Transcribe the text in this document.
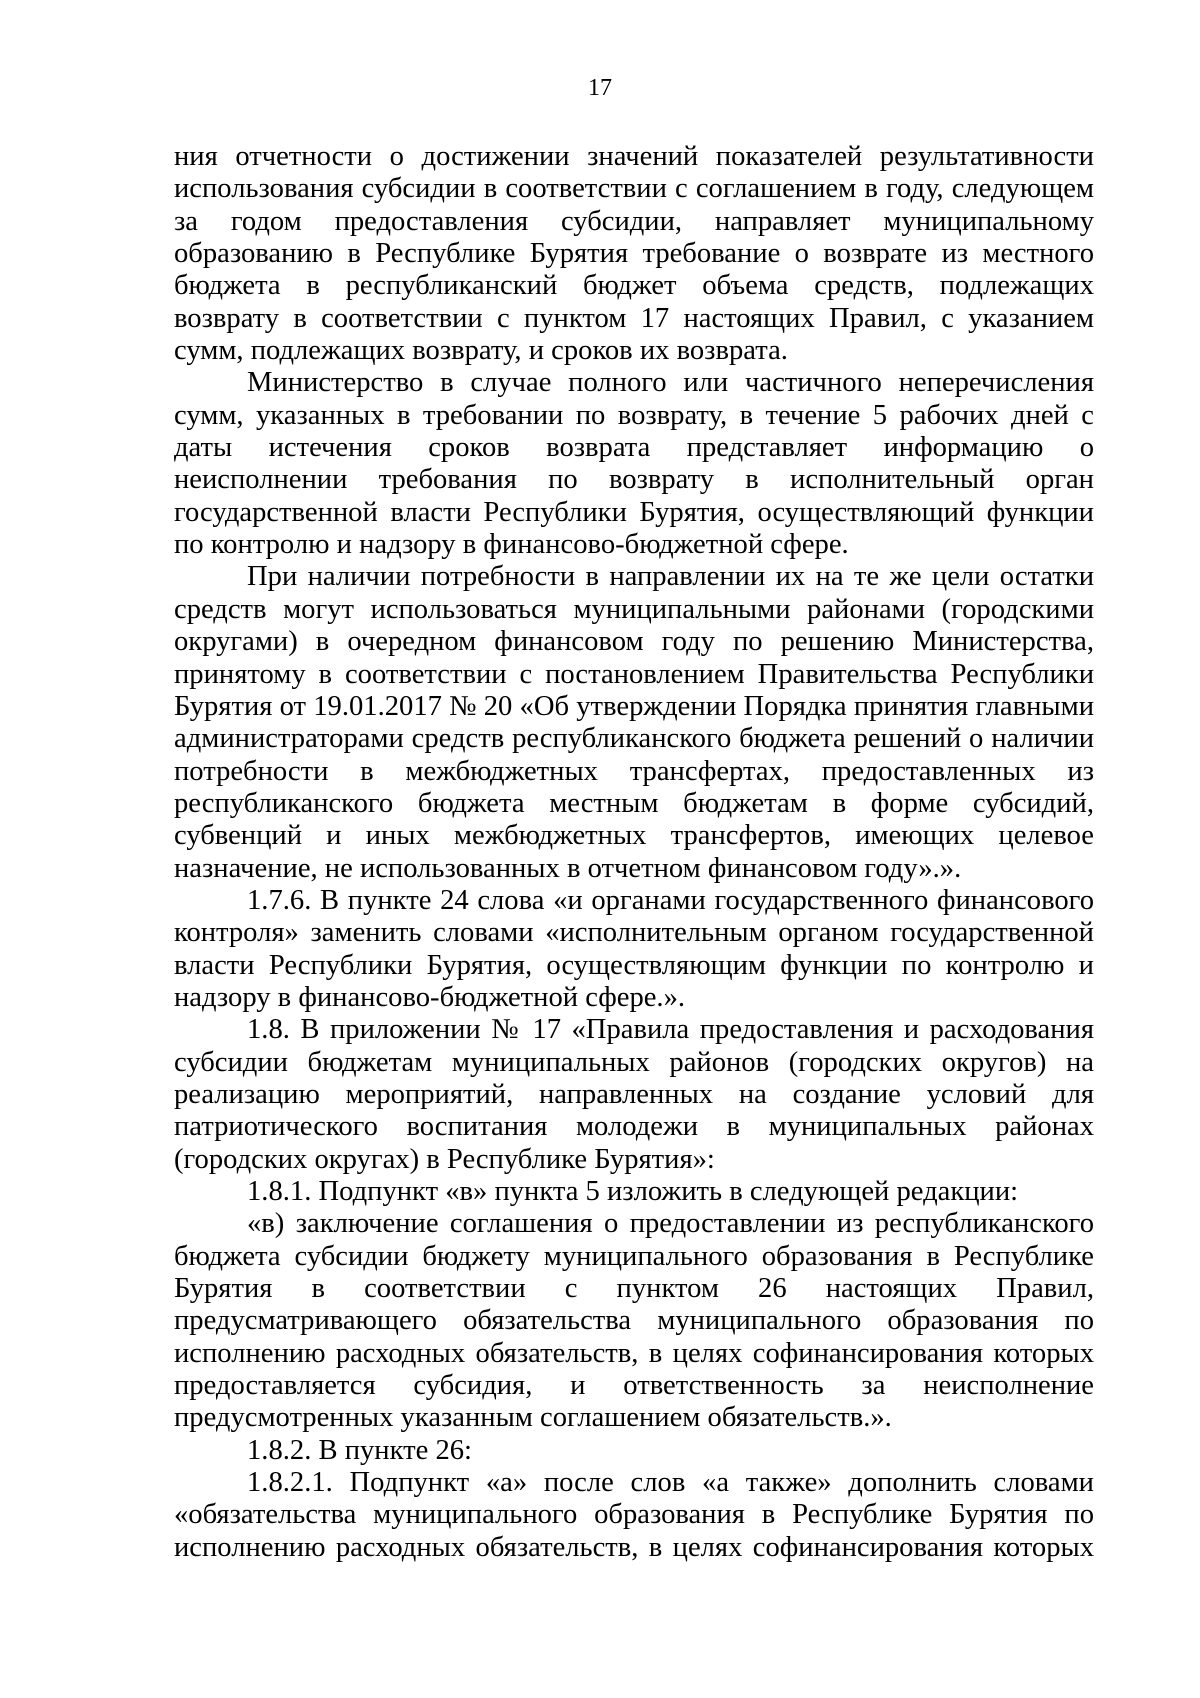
17

ния отчетности о достижении значений показателей результативности использования субсидии в соответствии с соглашением в году, следующем за годом предоставления субсидии, направляет муниципальному образованию в Республике Бурятия требование о возврате из местного бюджета в республиканский бюджет объема средств, подлежащих возврату в соответствии с пунктом 17 настоящих Правил, с указанием сумм, подлежащих возврату, и сроков их возврата.

Министерство в случае полного или частичного неперечисления сумм, указанных в требовании по возврату, в течение 5 рабочих дней с даты истечения сроков возврата представляет информацию о неисполнении требования по возврату в исполнительный орган государственной власти Республики Бурятия, осуществляющий функции по контролю и надзору в финансово-бюджетной сфере.

При наличии потребности в направлении их на те же цели остатки средств могут использоваться муниципальными районами (городскими округами) в очередном финансовом году по решению Министерства, принятому в соответствии с постановлением Правительства Республики Бурятия от 19.01.2017 № 20 «Об утверждении Порядка принятия главными администраторами средств республиканского бюджета решений о наличии потребности в межбюджетных трансфертах, предоставленных из республиканского бюджета местным бюджетам в форме субсидий, субвенций и иных межбюджетных трансфертов, имеющих целевое назначение, не использованных в отчетном финансовом году».».

1.7.6. В пункте 24 слова «и органами государственного финансового контроля» заменить словами «исполнительным органом государственной власти Республики Бурятия, осуществляющим функции по контролю и надзору в финансово-бюджетной сфере.».

1.8. В приложении № 17 «Правила предоставления и расходования субсидии бюджетам муниципальных районов (городских округов) на реализацию мероприятий, направленных на создание условий для патриотического воспитания молодежи в муниципальных районах (городских округах) в Республике Бурятия»:

1.8.1. Подпункт «в» пункта 5 изложить в следующей редакции:

«в) заключение соглашения о предоставлении из республиканского бюджета субсидии бюджету муниципального образования в Республике Бурятия в соответствии с пунктом 26 настоящих Правил, предусматривающего обязательства муниципального образования по исполнению расходных обязательств, в целях софинансирования которых предоставляется субсидия, и ответственность за неисполнение предусмотренных указанным соглашением обязательств.».

1.8.2. В пункте 26:

1.8.2.1. Подпункт «а» после слов «а также» дополнить словами «обязательства муниципального образования в Республике Бурятия по исполнению расходных обязательств, в целях софинансирования которых
